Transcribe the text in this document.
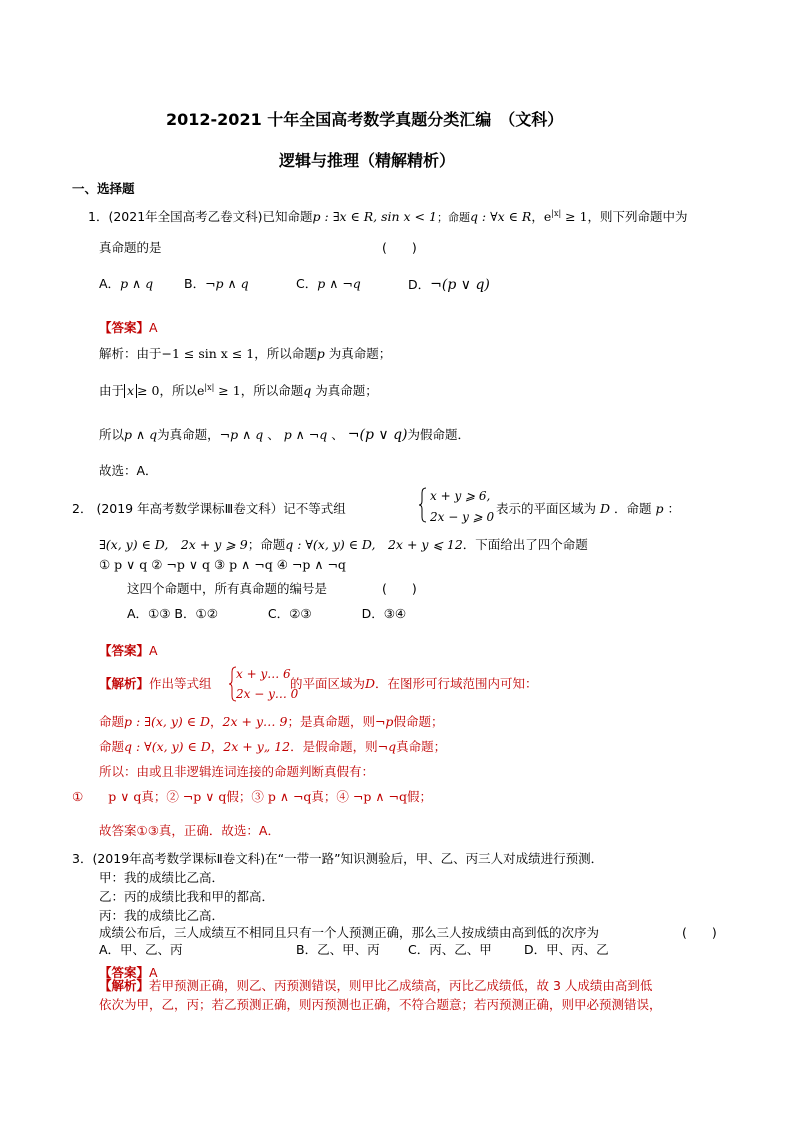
2012-2021 十年全国高考数学真题分类汇编　（文科）
逻辑与推理（精解精析）
一、选择题
1．(2021年全国高考乙卷文科)已知命题p : ∃x ∈ R, sin x < 1；命题q : ∀x ∈ R，$e^{|x|} \ge 1$，则下列命题中为
真命题的是	(　　)
A．p ∧ q B．¬p ∧ q	C．p ∧ ¬q	D．¬(p ∨ q)
【答案】A
解析：由于−1 ≤ sin x ≤ 1，所以命题p 为真命题；
由于 x ≥ 0，所以$e^{|x|} \ge 1$，所以命题q 为真命题；
所以p ∧ q为真命题，¬p ∧ q 、 p ∧ ¬q 、 ¬(p ∨ q)为假命题．
故选：A．
2． (2019 年高考数学课标Ⅲ卷文科）记不等式组
x + y ⩾ 6,
2x − y ⩾ 0
表示的平面区域为 D ．命题 p ：
∃(x, y) ∈ D,　2x + y ⩾ 9；命题q : ∀(x, y) ∈ D,　2x + y ⩽ 12．下面给出了四个命题
① p ∨ q ② ¬p ∨ q ③ p ∧ ¬q ④ ¬p ∧ ¬q
这四个命题中，所有真命题的编号是	(　　)
A．①③ B．①②　　　　C．②③　　　　D．③④
【答案】A
【解析】作出等式组
x + y… 6
2x − y… 0
的平面区域为D．在图形可行域范围内可知：
命题p : ∃(x, y) ∈ D，2x + y… 9；是真命题，则¬p假命题；
命题q : ∀(x, y) ∈ D，2x + y„ 12．是假命题，则¬q真命题；
所以：由或且非逻辑连词连接的命题判断真假有：
①　　 p ∨ q真；② ¬p ∨ q假；③ p ∧ ¬q真；④ ¬p ∧ ¬q假；
故答案①③真，正确．故选：A．
3．(2019年高考数学课标Ⅱ卷文科)在“一带一路”知识测验后，甲、乙、丙三人对成绩进行预测．
甲：我的成绩比乙高．
乙：丙的成绩比我和甲的都高．
丙：我的成绩比乙高．
成绩公布后，三人成绩互不相同且只有一个人预测正确，那么三人按成绩由高到低的次序为	(　　)
A．甲、乙、丙	B．乙、甲、丙 C．丙、乙、甲	D．甲、丙、乙
【答案】A
【解析】若甲预测正确，则乙、丙预测错误，则甲比乙成绩高，丙比乙成绩低，故 3 人成绩由高到低
依次为甲，乙，丙；若乙预测正确，则丙预测也正确，不符合题意；若丙预测正确，则甲必预测错误，
